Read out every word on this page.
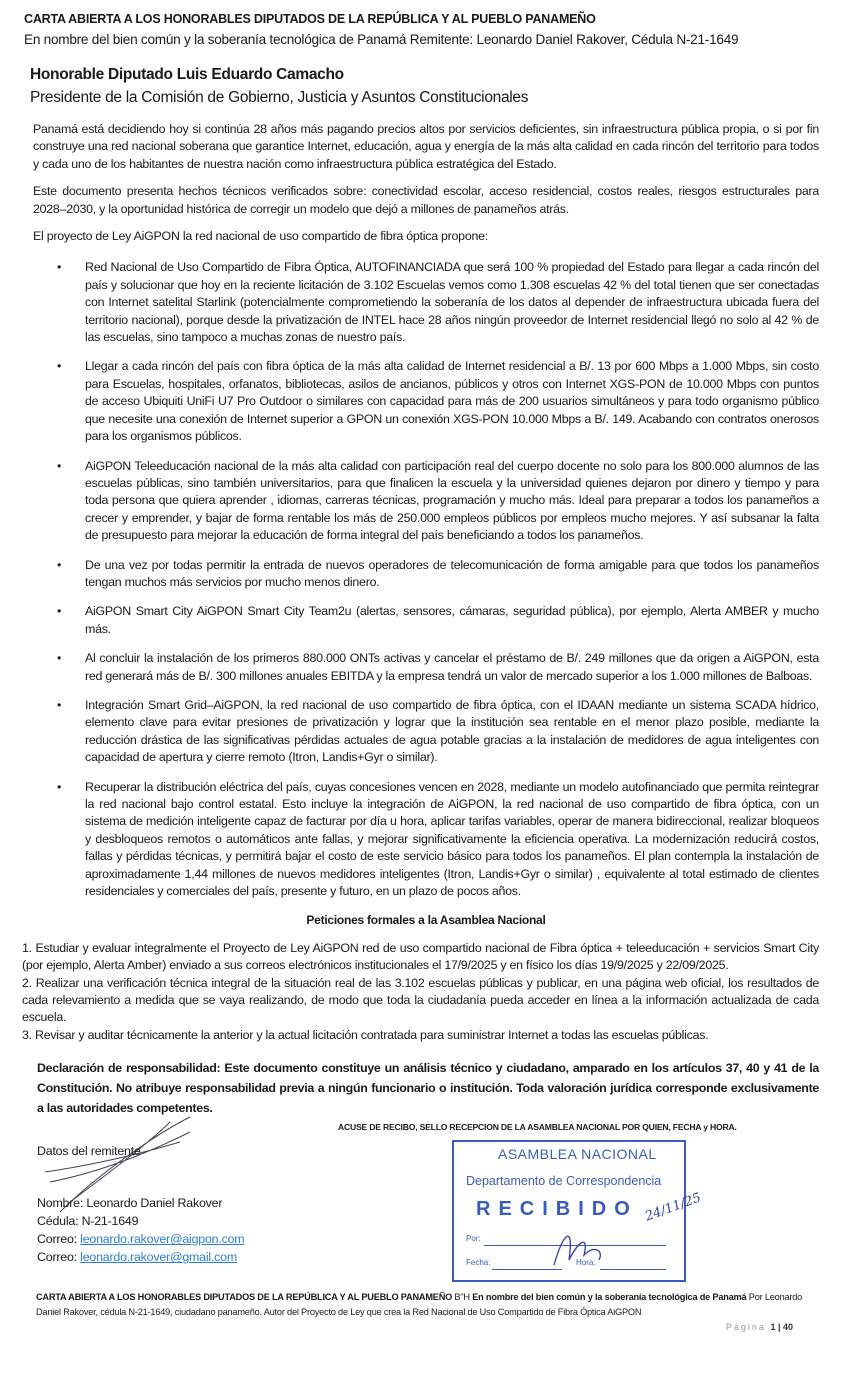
CARTA ABIERTA A LOS HONORABLES DIPUTADOS DE LA REPÚBLICA Y AL PUEBLO PANAMEÑO
En nombre del bien común y la soberanía tecnológica de Panamá Remitente: Leonardo Daniel Rakover, Cédula N-21-1649
Honorable Diputado Luis Eduardo Camacho
Presidente de la Comisión de Gobierno, Justicia y Asuntos Constitucionales

Panamá está decidiendo hoy si continúa 28 años más pagando precios altos por servicios deficientes, sin infraestructura pública propia, o si por fin construye una red nacional soberana que garantice Internet, educación, agua y energía de la más alta calidad en cada rincón del territorio para todos y cada uno de los habitantes de nuestra nación como infraestructura pública estratégica del Estado.

Este documento presenta hechos técnicos verificados sobre: conectividad escolar, acceso residencial, costos reales, riesgos estructurales para 2028–2030, y la oportunidad histórica de corregir un modelo que dejó a millones de panameños atrás.

El proyecto de Ley AiGPON la red nacional de uso compartido de fibra óptica propone:

• Red Nacional de Uso Compartido de Fibra Óptica, AUTOFINANCIADA que será 100 % propiedad del Estado para llegar a cada rincón del país y solucionar que hoy en la reciente licitación de 3.102 Escuelas vemos como 1.308 escuelas 42 % del total tienen que ser conectadas con Internet satelital Starlink (potencialmente comprometiendo la soberanía de los datos al depender de infraestructura ubicada fuera del territorio nacional), porque desde la privatización de INTEL hace 28 años ningún proveedor de Internet residencial llegó no solo al 42 % de las escuelas, sino tampoco a muchas zonas de nuestro país.
• Llegar a cada rincón del país con fibra óptica de la más alta calidad de Internet residencial a B/. 13 por 600 Mbps a 1.000 Mbps, sin costo para Escuelas, hospitales, orfanatos, bibliotecas, asilos de ancianos, públicos y otros con Internet XGS-PON de 10.000 Mbps con puntos de acceso Ubiquiti UniFi U7 Pro Outdoor o similares con capacidad para más de 200 usuarios simultáneos y para todo organismo público que necesite una conexión de Internet superior a GPON un conexión XGS-PON 10.000 Mbps a B/. 149. Acabando con contratos onerosos para los organismos públicos.
• AiGPON Teleeducación nacional de la más alta calidad con participación real del cuerpo docente no solo para los 800.000 alumnos de las escuelas públicas, sino también universitarios, para que finalicen la escuela y la universidad quienes dejaron por dinero y tiempo y para toda persona que quiera aprender , idiomas, carreras técnicas, programación y mucho más. Ideal para preparar a todos los panameños a crecer y emprender, y bajar de forma rentable los más de 250.000 empleos públicos por empleos mucho mejores. Y así subsanar la falta de presupuesto para mejorar la educación de forma integral del país beneficiando a todos los panameños.
• De una vez por todas permitir la entrada de nuevos operadores de telecomunicación de forma amigable para que todos los panameños tengan muchos más servicios por mucho menos dinero.
• AiGPON Smart City AiGPON Smart City Team2u (alertas, sensores, cámaras, seguridad pública), por ejemplo, Alerta AMBER y mucho más.
• Al concluir la instalación de los primeros 880.000 ONTs activas y cancelar el préstamo de B/. 249 millones que da origen a AiGPON, esta red generará más de B/. 300 millones anuales EBITDA y la empresa tendrá un valor de mercado superior a los 1.000 millones de Balboas.
• Integración Smart Grid–AiGPON, la red nacional de uso compartido de fibra óptica, con el IDAAN mediante un sistema SCADA hídrico, elemento clave para evitar presiones de privatización y lograr que la institución sea rentable en el menor plazo posible, mediante la reducción drástica de las significativas pérdidas actuales de agua potable gracias a la instalación de medidores de agua inteligentes con capacidad de apertura y cierre remoto (Itron, Landis+Gyr o similar).
• Recuperar la distribución eléctrica del país, cuyas concesiones vencen en 2028, mediante un modelo autofinanciado que permita reintegrar la red nacional bajo control estatal. Esto incluye la integración de AiGPON, la red nacional de uso compartido de fibra óptica, con un sistema de medición inteligente capaz de facturar por día u hora, aplicar tarifas variables, operar de manera bidireccional, realizar bloqueos y desbloqueos remotos o automáticos ante fallas, y mejorar significativamente la eficiencia operativa. La modernización reducirá costos, fallas y pérdidas técnicas, y permitirá bajar el costo de este servicio básico para todos los panameños. El plan contempla la instalación de aproximadamente 1,44 millones de nuevos medidores inteligentes (Itron, Landis+Gyr o similar) , equivalente al total estimado de clientes residenciales y comerciales del país, presente y futuro, en un plazo de pocos años.
Peticiones formales a la Asamblea Nacional
1. Estudiar y evaluar integralmente el Proyecto de Ley AiGPON red de uso compartido nacional de Fibra óptica + teleeducación + servicios Smart City (por ejemplo, Alerta Amber) enviado a sus correos electrónicos institucionales el 17/9/2025 y en físico los días 19/9/2025 y 22/09/2025.
2. Realizar una verificación técnica integral de la situación real de las 3.102 escuelas públicas y publicar, en una página web oficial, los resultados de cada relevamiento a medida que se vaya realizando, de modo que toda la ciudadanía pueda acceder en línea a la información actualizada de cada escuela.
3. Revisar y auditar técnicamente la anterior y la actual licitación contratada para suministrar Internet a todas las escuelas públicas.
Declaración de responsabilidad: Este documento constituye un análisis técnico y ciudadano, amparado en los artículos 37, 40 y 41 de la Constitución. No atribuye responsabilidad previa a ningún funcionario o institución. Toda valoración jurídica corresponde exclusivamente a las autoridades competentes.
ACUSE DE RECIBO, SELLO RECEPCION DE LA ASAMBLEA NACIONAL POR QUIEN, FECHA y HORA.
Datos del remitente
Nombre: Leonardo Daniel Rakover
Cédula: N-21-1649
Correo: leonardo.rakover@aigpon.com
Correo: leonardo.rakover@gmail.com
ASAMBLEA NACIONAL
Departamento de Correspondencia
RECIBIDO
Por:
Fecha:	Hora:
24/11/25
CARTA ABIERTA A LOS HONORABLES DIPUTADOS DE LA REPÚBLICA Y AL PUEBLO PANAMEÑO B"H En nombre del bien común y la soberanía tecnológica de Panamá Por Leonardo Daniel Rakover, cédula N-21-1649, ciudadano panameño. Autor del Proyecto de Ley que crea la Red Nacional de Uso Compartido de Fibra Óptica AiGPON
Página 1 | 40
